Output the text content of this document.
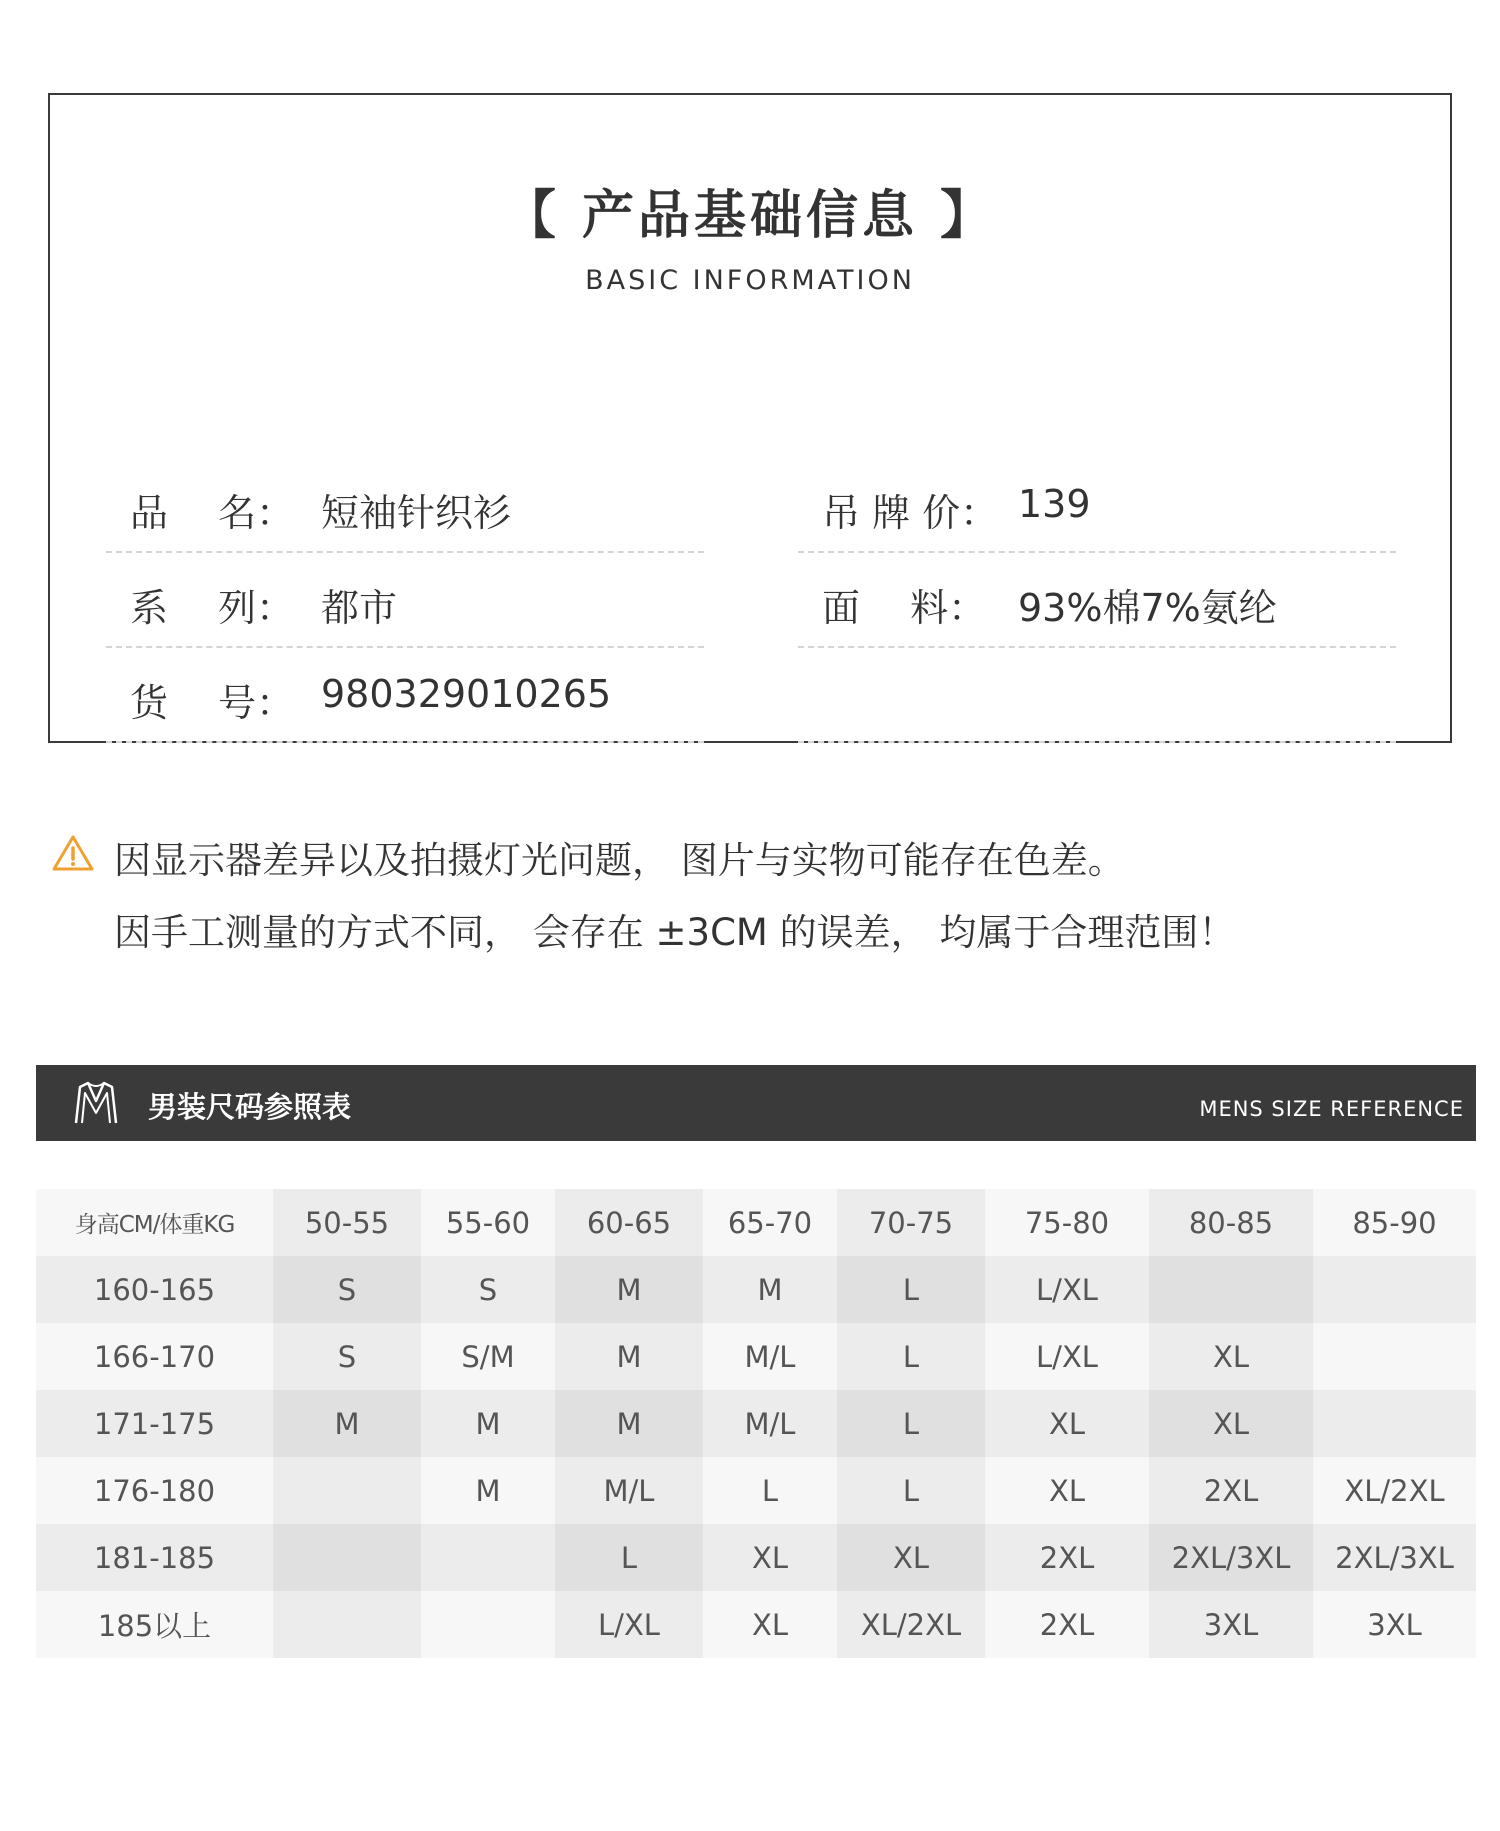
【 产品基础信息 】
BASIC INFORMATION
品　 名： 短袖针织衫
系　 列： 都市
货　 号： 980329010265
吊 牌 价： 139
面　 料： 93%棉7%氨纶
因显示器差异以及拍摄灯光问题， 图片与实物可能存在色差。
因手工测量的方式不同， 会存在 ±3CM 的误差， 均属于合理范围！
男装尺码参照表	MENS SIZE REFERENCE
身高CM/体重KG	50-55	55-60	60-65	65-70	70-75	75-80	80-85	85-90
160-165	S	S	M	M	L	L/XL		
166-170	S	S/M	M	M/L	L	L/XL	XL	
171-175	M	M	M	M/L	L	XL	XL	
176-180		M	M/L	L	L	XL	2XL	XL/2XL
181-185			L	XL	XL	2XL	2XL/3XL	2XL/3XL
185以上			L/XL	XL	XL/2XL	2XL	3XL	3XL
